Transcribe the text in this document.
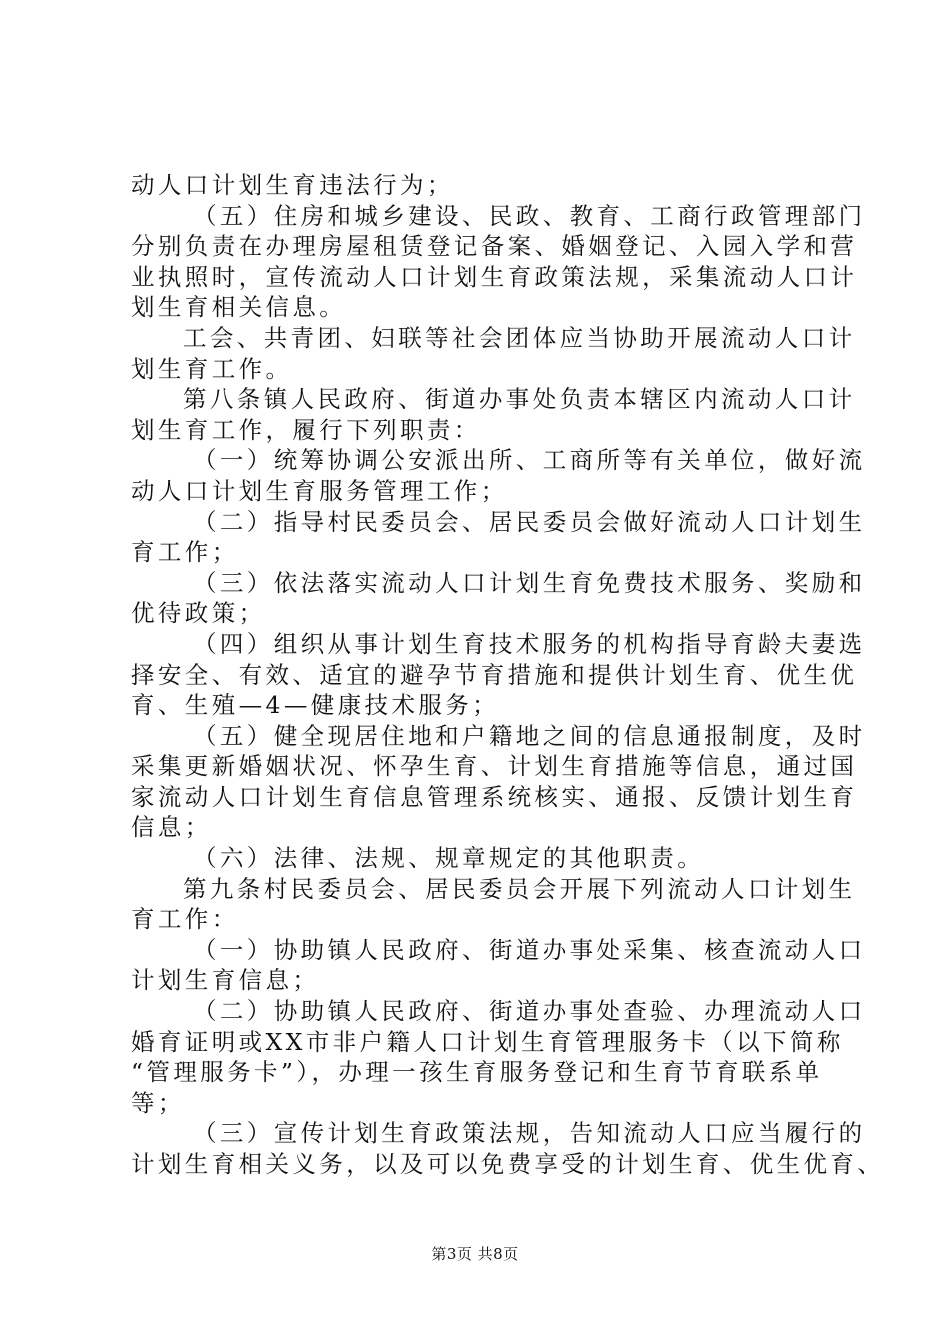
动人口计划生育违法行为；
（五）住房和城乡建设、民政、教育、工商行政管理部门
分别负责在办理房屋租赁登记备案、婚姻登记、入园入学和营
业执照时，宣传流动人口计划生育政策法规，采集流动人口计
划生育相关信息。
工会、共青团、妇联等社会团体应当协助开展流动人口计
划生育工作。
第八条镇人民政府、街道办事处负责本辖区内流动人口计
划生育工作，履行下列职责：
（一）统筹协调公安派出所、工商所等有关单位，做好流
动人口计划生育服务管理工作；
（二）指导村民委员会、居民委员会做好流动人口计划生
育工作；
（三）依法落实流动人口计划生育免费技术服务、奖励和
优待政策；
（四）组织从事计划生育技术服务的机构指导育龄夫妻选
择安全、有效、适宜的避孕节育措施和提供计划生育、优生优
育、生殖—4—健康技术服务；
（五）健全现居住地和户籍地之间的信息通报制度，及时
采集更新婚姻状况、怀孕生育、计划生育措施等信息，通过国
家流动人口计划生育信息管理系统核实、通报、反馈计划生育
信息；
（六）法律、法规、规章规定的其他职责。
第九条村民委员会、居民委员会开展下列流动人口计划生
育工作：
（一）协助镇人民政府、街道办事处采集、核查流动人口
计划生育信息；
（二）协助镇人民政府、街道办事处查验、办理流动人口
婚育证明或XX市非户籍人口计划生育管理服务卡（以下简称
“管理服务卡”），办理一孩生育服务登记和生育节育联系单
等；
（三）宣传计划生育政策法规，告知流动人口应当履行的
计划生育相关义务，以及可以免费享受的计划生育、优生优育、
第3页 共8页
